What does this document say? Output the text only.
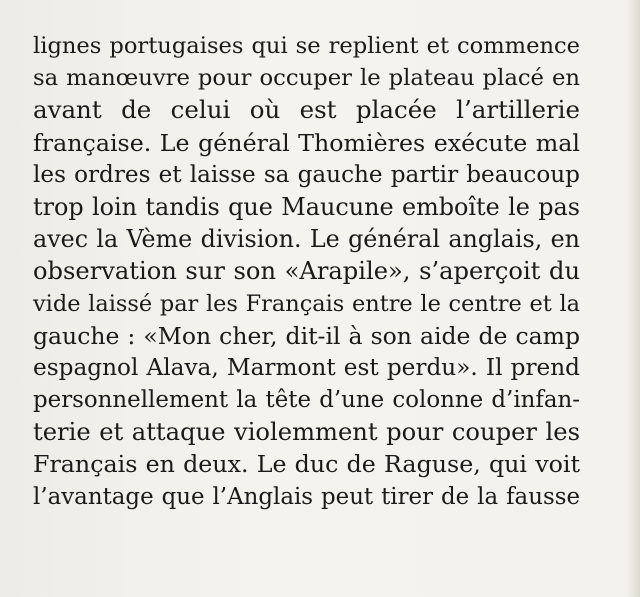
lignes portugaises qui se replient et commence
sa manœuvre pour occuper le plateau placé en
avant de celui où est placée l’artillerie
française. Le général Thomières exécute mal
les ordres et laisse sa gauche partir beaucoup
trop loin tandis que Maucune emboîte le pas
avec la Vème division. Le général anglais, en
observation sur son «Arapile», s’aperçoit du
vide laissé par les Français entre le centre et la
gauche : «Mon cher, dit-il à son aide de camp
espagnol Alava, Marmont est perdu». Il prend
personnellement la tête d’une colonne d’infan-
terie et attaque violemment pour couper les
Français en deux. Le duc de Raguse, qui voit
l’avantage que l’Anglais peut tirer de la fausse
